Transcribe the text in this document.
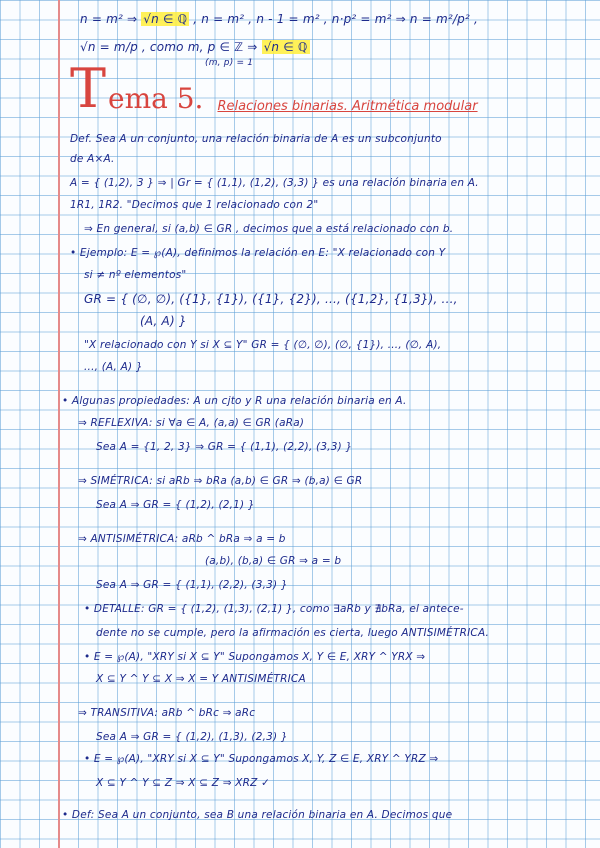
n = m² ⇒ √n ∈ ℚ , n = m² , n - 1 = m² , n·p² = m² ⇒ n = m²/p² ,
√n = m/p , como m, p ∈ ℤ ⇒ √n ∈ ℚ
(m, p) = 1
T ema 5. Relaciones binarias. Aritmética modular
Def. Sea A un conjunto, una relación binaria de A es un subconjunto
de A×A.
A = { (1,2), 3 } ⇒ | Gr = { (1,1), (1,2), (3,3) } es una relación binaria en A.
1R1, 1R2. "Decimos que 1 relacionado con 2"
⇒ En general, si (a,b) ∈ GR , decimos que a está relacionado con b.
• Ejemplo: E = ℘(A), definimos la relación en E: "X relacionado con Y
si ≠ nº elementos"
GR = { (∅, ∅), ({1}, {1}), ({1}, {2}), ..., ({1,2}, {1,3}), ...,
(A, A) }
"X relacionado con Y si X ⊆ Y" GR = { (∅, ∅), (∅, {1}), ..., (∅, A),
..., (A, A) }
• Algunas propiedades: A un cjto y R una relación binaria en A.
⇒ REFLEXIVA: si ∀a ∈ A, (a,a) ∈ GR (aRa)
Sea A = {1, 2, 3} ⇒ GR = { (1,1), (2,2), (3,3) }
⇒ SIMÉTRICA: si aRb ⇒ bRa (a,b) ∈ GR ⇒ (b,a) ∈ GR
Sea A ⇒ GR = { (1,2), (2,1) }
⇒ ANTISIMÉTRICA: aRb ^ bRa ⇒ a = b
(a,b), (b,a) ∈ GR ⇒ a = b
Sea A ⇒ GR = { (1,1), (2,2), (3,3) }
• DETALLE: GR = { (1,2), (1,3), (2,1) }, como ∃aRb y ∄bRa, el antece-
dente no se cumple, pero la afirmación es cierta, luego ANTISIMÉTRICA.
• E = ℘(A), "XRY si X ⊆ Y" Supongamos X, Y ∈ E, XRY ^ YRX ⇒
X ⊆ Y ^ Y ⊆ X ⇒ X = Y ANTISIMÉTRICA
⇒ TRANSITIVA: aRb ^ bRc ⇒ aRc
Sea A ⇒ GR = { (1,2), (1,3), (2,3) }
• E = ℘(A), "XRY si X ⊆ Y" Supongamos X, Y, Z ∈ E, XRY ^ YRZ ⇒
X ⊆ Y ^ Y ⊆ Z ⇒ X ⊆ Z ⇒ XRZ ✓
• Def: Sea A un conjunto, sea B una relación binaria en A. Decimos que
